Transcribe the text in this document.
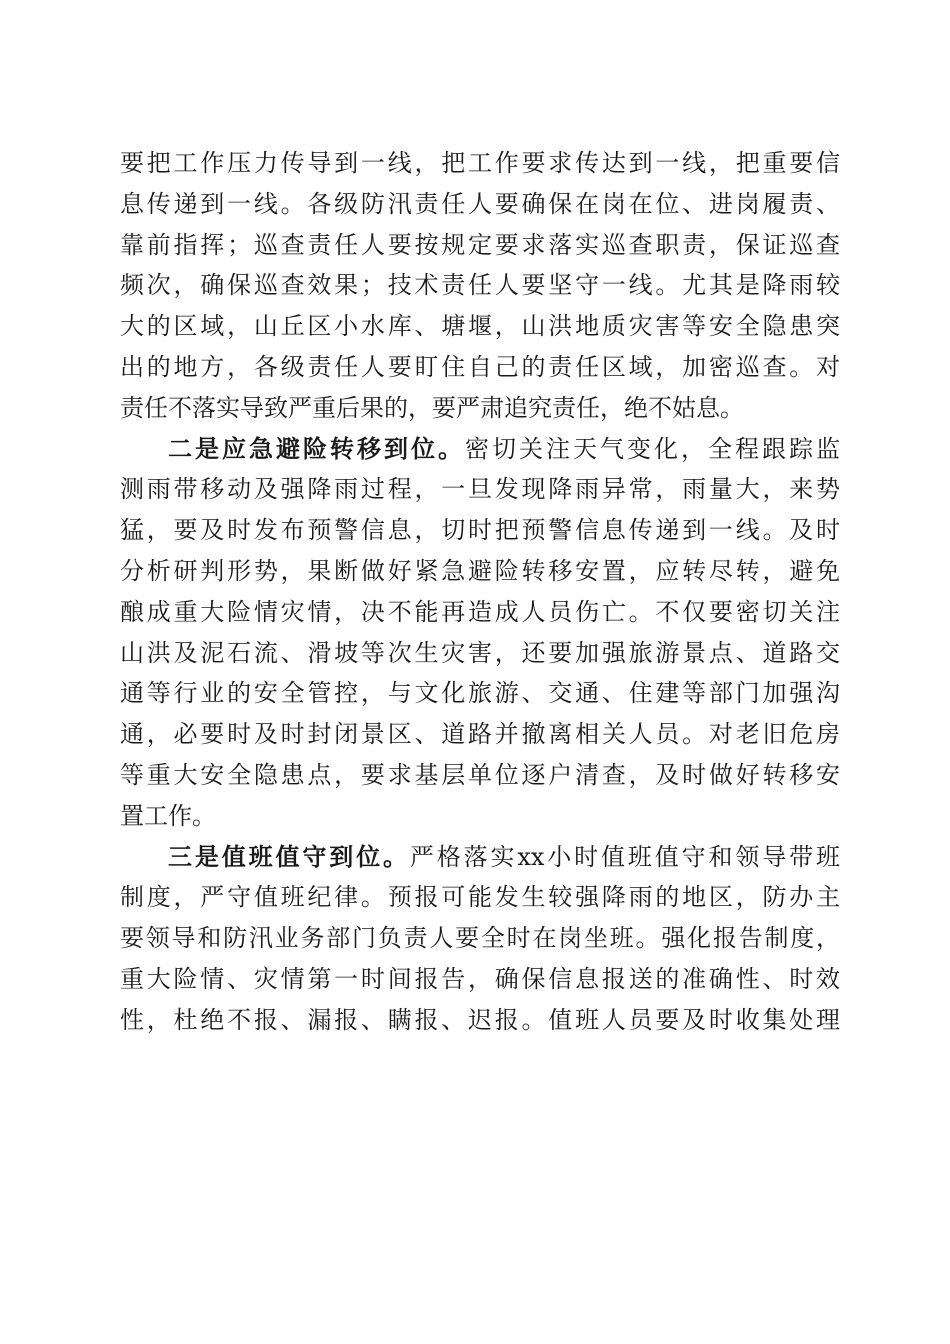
要把工作压力传导到一线，把工作要求传达到一线，把重要信
息传递到一线。各级防汛责任人要确保在岗在位、进岗履责、
靠前指挥；巡查责任人要按规定要求落实巡查职责，保证巡查
频次，确保巡查效果；技术责任人要坚守一线。尤其是降雨较
大的区域，山丘区小水库、塘堰，山洪地质灾害等安全隐患突
出的地方，各级责任人要盯住自己的责任区域，加密巡查。对
责任不落实导致严重后果的，要严肃追究责任，绝不姑息。
二是应急避险转移到位。密切关注天气变化，全程跟踪监
测雨带移动及强降雨过程，一旦发现降雨异常，雨量大，来势
猛，要及时发布预警信息，切时把预警信息传递到一线。及时
分析研判形势，果断做好紧急避险转移安置，应转尽转，避免
酿成重大险情灾情，决不能再造成人员伤亡。不仅要密切关注
山洪及泥石流、滑坡等次生灾害，还要加强旅游景点、道路交
通等行业的安全管控，与文化旅游、交通、住建等部门加强沟
通，必要时及时封闭景区、道路并撤离相关人员。对老旧危房
等重大安全隐患点，要求基层单位逐户清查，及时做好转移安
置工作。
三是值班值守到位。严格落实xx小时值班值守和领导带班
制度，严守值班纪律。预报可能发生较强降雨的地区，防办主
要领导和防汛业务部门负责人要全时在岗坐班。强化报告制度，
重大险情、灾情第一时间报告，确保信息报送的准确性、时效
性，杜绝不报、漏报、瞒报、迟报。值班人员要及时收集处理
